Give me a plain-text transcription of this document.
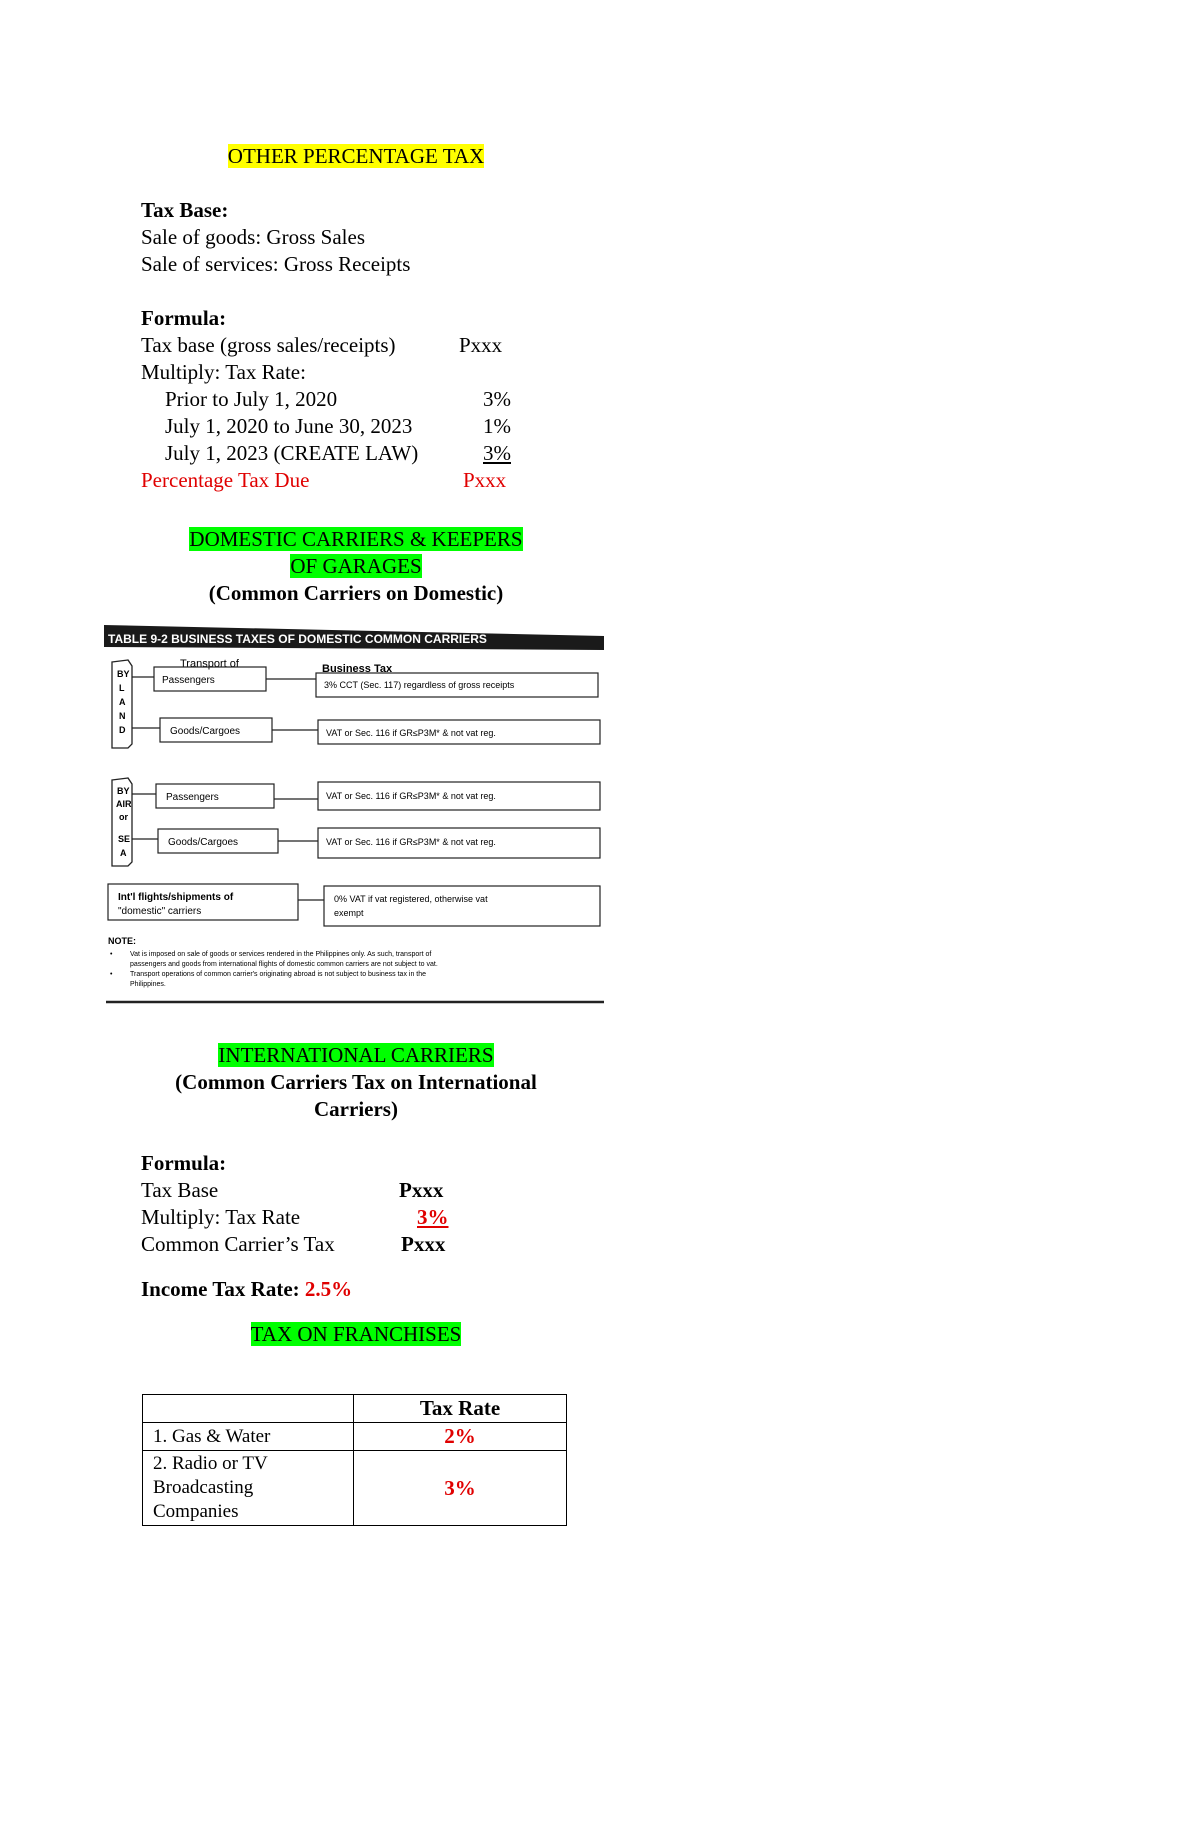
OTHER PERCENTAGE TAX
Tax Base:
Sale of goods: Gross Sales
Sale of services: Gross Receipts
Formula:
Tax base (gross sales/receipts)	Pxxx
Multiply: Tax Rate:
Prior to July 1, 2020	3%
July 1, 2020 to June 30, 2023	1%
July 1, 2023 (CREATE LAW)	3%
Percentage Tax Due	Pxxx
DOMESTIC CARRIERS & KEEPERS
OF GARAGES
(Common Carriers on Domestic)
TABLE 9-2 BUSINESS TAXES OF DOMESTIC COMMON CARRIERS
Transport of	Business Tax
BY
L
A
N
D
Passengers	3% CCT (Sec. 117) regardless of gross receipts
Goods/Cargoes	VAT or Sec. 116 if GR≤P3M* & not vat reg.
BY
AIR
or
SE
A
Passengers	VAT or Sec. 116 if GR≤P3M* & not vat reg.
Goods/Cargoes	VAT or Sec. 116 if GR≤P3M* & not vat reg.
Int'l flights/shipments of
"domestic" carriers
0% VAT if vat registered, otherwise vat
exempt
NOTE:
•	Vat is imposed on sale of goods or services rendered in the Philippines only. As such, transport of
passengers and goods from international flights of domestic common carriers are not subject to vat.
•	Transport operations of common carrier's originating abroad is not subject to business tax in the
Philippines.
INTERNATIONAL CARRIERS
(Common Carriers Tax on International
Carriers)
Formula:
Tax Base	Pxxx
Multiply: Tax Rate	3%
Common Carrier’s Tax	Pxxx
Income Tax Rate: 2.5%
TAX ON FRANCHISES
	Tax Rate
1. Gas & Water	2%

2. Radio or TV
Broadcasting
Companies	3%
